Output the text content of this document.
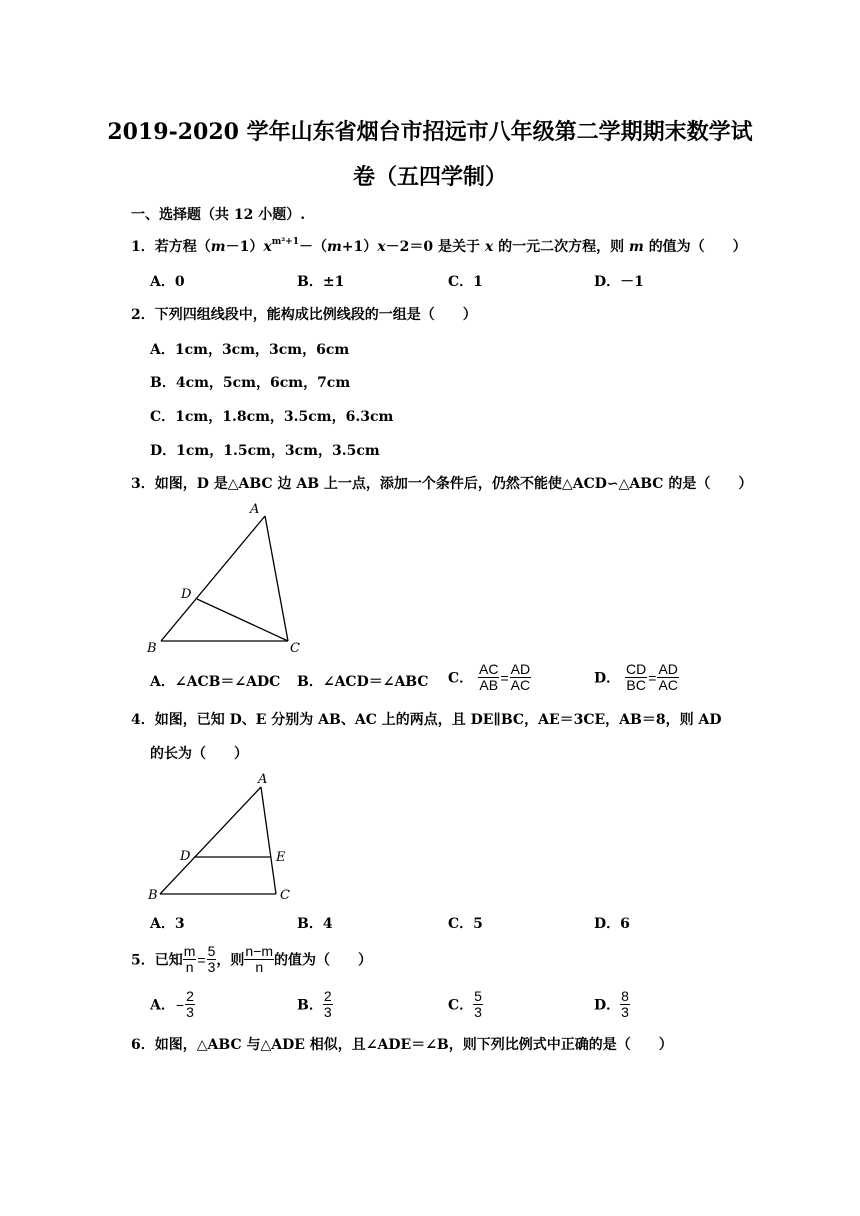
2019-2020 学年山东省烟台市招远市八年级第二学期期末数学试
卷（五四学制）
一、选择题（共 12 小题）.
1．若方程$(m-1)x^{m^2+1}-(m+1)x-2=0$ 是关于 x 的一元二次方程，则 m 的值为（　　）
A．0	B．±1	C．1	D．－1
2．下列四组线段中，能构成比例线段的一组是（　　）
A．1cm，3cm，3cm，6cm
B．4cm，5cm，6cm，7cm
C．1cm，1.8cm，3.5cm，6.3cm
D．1cm，1.5cm，3cm，3.5cm
3．如图，D 是△ABC 边 AB 上一点，添加一个条件后，仍然不能使△ACD∽△ABC 的是（　　）
A
B	C
D
A．∠ACB＝∠ADC B．∠ACD＝∠ABC C． $\frac{AC}{AB} = \frac{AD}{AC}$	D． $\frac{CD}{BC} = \frac{AD}{AC}$
4．如图，已知 D、E 分别为 AB、AC 上的两点，且 DE∥BC，AE＝3CE，AB＝8，则 AD
的长为（　　）
A
B	C
D	E
A．3	B．4	C．5	D．6
5．已知 $\frac{m}{n} = \frac{5}{3}$ ，则 $\frac{n-m}{n}$ 的值为（　　）
A．− $\frac{2}{3}$	B． $\frac{2}{3}$	C． $\frac{5}{3}$	D． $\frac{8}{3}$
6．如图，△ABC 与△ADE 相似，且∠ADE＝∠B，则下列比例式中正确的是（　　）
